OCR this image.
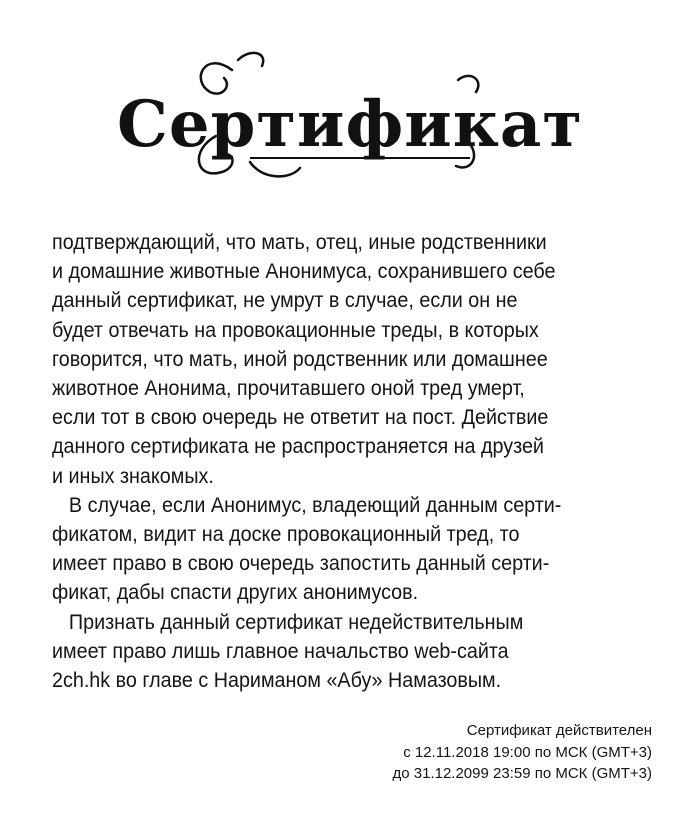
Сертификат
подтверждающий, что мать, отец, иные родственники
и домашние животные Анонимуса, сохранившего себе
данный сертификат, не умрут в случае, если он не
будет отвечать на провокационные треды, в которых
говорится, что мать, иной родственник или домашнее
животное Анонима, прочитавшего оной тред умерт,
если тот в свою очередь не ответит на пост. Действие
данного сертификата не распространяется на друзей
и иных знакомых.
В случае, если Анонимус, владеющий данным серти-
фикатом, видит на доске провокационный тред, то
имеет право в свою очередь запостить данный серти-
фикат, дабы спасти других анонимусов.
Признать данный сертификат недействительным
имеет право лишь главное начальство web-сайта
2ch.hk во главе с Нариманом «Абу» Намазовым.
Сертификат действителен
с 12.11.2018 19:00 по МСК (GMT+3)
до 31.12.2099 23:59 по МСК (GMT+3)
